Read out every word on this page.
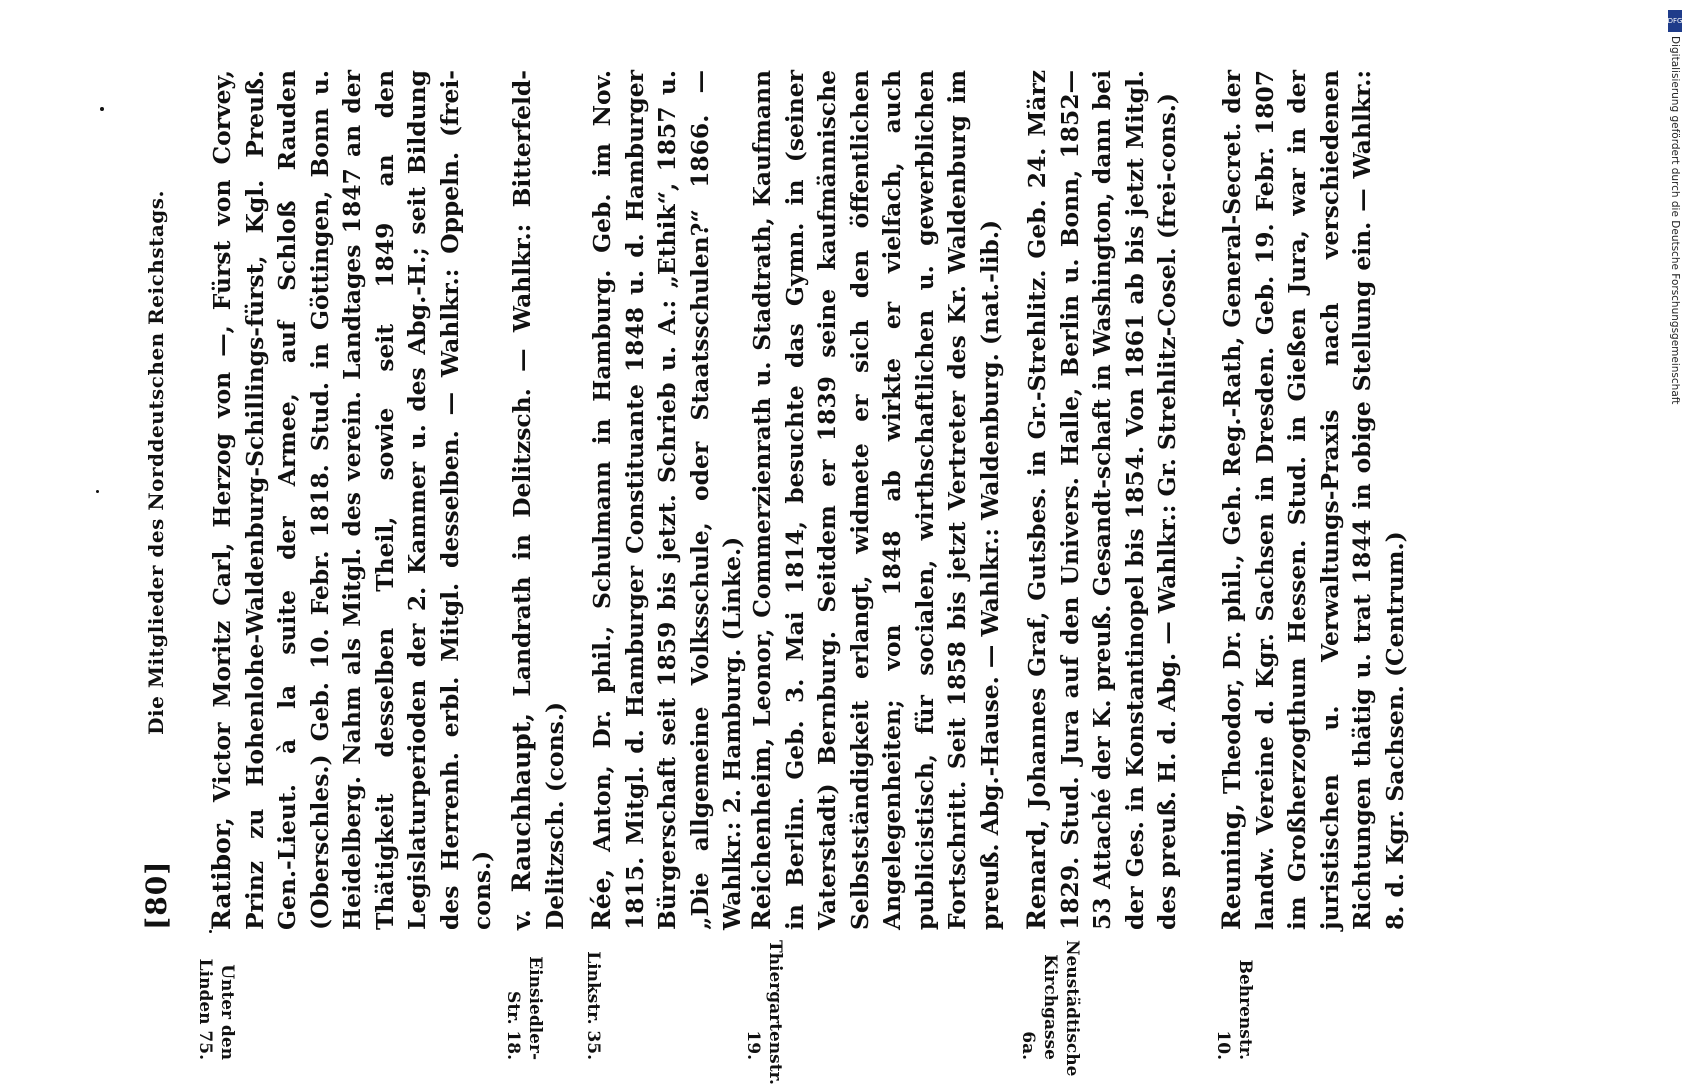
[80]
Die Mitglieder des Norddeutschen Reichstags.
Ratibor, Victor Moritz Carl, Herzog von —, Fürst von Corvey, Prinz zu Hohenlohe-Waldenburg-Schillings-fürst, Kgl. Preuß. Gen.-Lieut. à la suite der Armee, auf Schloß Rauden (Oberschles.) Geb. 10. Febr. 1818. Stud. in Göttingen, Bonn u. Heidelberg. Nahm als Mitgl. des verein. Landtages 1847 an der Thätigkeit desselben Theil, sowie seit 1849 an den Legislaturperioden der 2. Kammer u. des Abg.-H.; seit Bildung des Herrenh. erbl. Mitgl. desselben. — Wahlkr.: Oppeln. (frei-cons.)
Unter den Linden 75.
v. Rauchhaupt, Landrath in Delitzsch. — Wahlkr.: Bitterfeld-Delitzsch. (cons.)
Einsiedler-Str. 18.
Rée, Anton, Dr. phil., Schulmann in Hamburg. Geb. im Nov. 1815. Mitgl. d. Hamburger Constituante 1848 u. d. Hamburger Bürgerschaft seit 1859 bis jetzt. Schrieb u. A.: „Ethik“, 1857 u. „Die allgemeine Volksschule, oder Staatsschulen?“ 1866. — Wahlkr.: 2. Hamburg. (Linke.)
Linkstr. 35.
Reichenheim, Leonor, Commerzienrath u. Stadtrath, Kaufmann in Berlin. Geb. 3. Mai 1814, besuchte das Gymn. in (seiner Vaterstadt) Bernburg. Seitdem er 1839 seine kaufmännische Selbstständigkeit erlangt, widmete er sich den öffentlichen Angelegenheiten; von 1848 ab wirkte er vielfach, auch publicistisch, für socialen, wirthschaftlichen u. gewerblichen Fortschritt. Seit 1858 bis jetzt Vertreter des Kr. Waldenburg im preuß. Abg.-Hause. — Wahlkr.: Waldenburg. (nat.-lib.)
Thiergartenstr. 19.
Renard, Johannes Graf, Gutsbes. in Gr.-Strehlitz. Geb. 24. März 1829. Stud. Jura auf den Univers. Halle, Berlin u. Bonn, 1852—53 Attaché der K. preuß. Gesandt-schaft in Washington, dann bei der Ges. in Konstantinopel bis 1854. Von 1861 ab bis jetzt Mitgl. des preuß. H. d. Abg. — Wahlkr.: Gr. Strehlitz-Cosel. (frei-cons.)
Neustädtische Kirchgasse 6a.
Reuning, Theodor, Dr. phil., Geh. Reg.-Rath, General-Secret. der landw. Vereine d. Kgr. Sachsen in Dresden. Geb. 19. Febr. 1807 im Großherzogthum Hessen. Stud. in Gießen Jura, war in der juristischen u. Verwaltungs-Praxis nach verschiedenen Richtungen thätig u. trat 1844 in obige Stellung ein. — Wahlkr.: 8. d. Kgr. Sachsen. (Centrum.)
Behrenstr. 10.
DFG
Digitalisierung gefördert durch die Deutsche Forschungsgemeinschaft
